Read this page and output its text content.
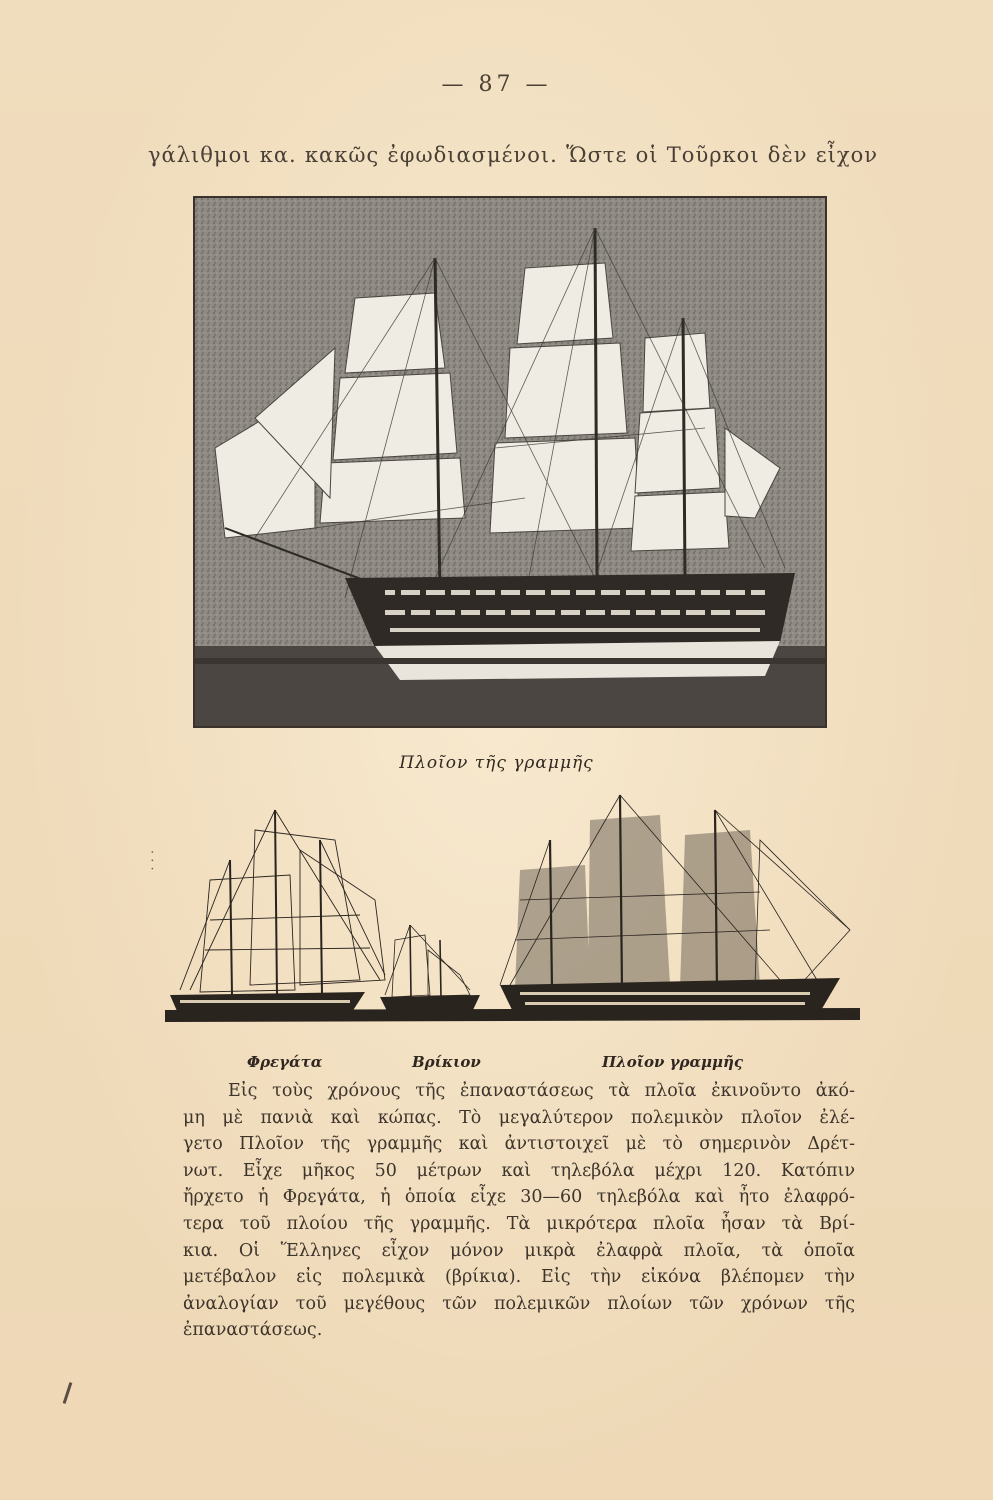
— 87 —
γάλιθμοι κα. κακῶς ἐφωδιασμένοι. Ὥστε οἱ Τοῦρκοι δὲν εἶχον
Πλοῖον τῆς γραμμῆς
Φρεγάτα	Βρίκιον	Πλοῖον γραμμῆς
· · ·
Εἰς τοὺς χρόνους τῆς ἐπαναστάσεως τὰ πλοῖα ἐκινοῦντο ἀκό-
μη μὲ πανιὰ καὶ κώπας. Τὸ μεγαλύτερον πολεμικὸν πλοῖον ἐλέ-
γετο Πλοῖον τῆς γραμμῆς καὶ ἀντιστοιχεῖ μὲ τὸ σημερινὸν Δρέτ-
νωτ. Εἶχε μῆκος 50 μέτρων καὶ τηλεβόλα μέχρι 120. Κατόπιν
ἤρχετο ἡ Φρεγάτα, ἡ ὁποία εἶχε 30—60 τηλεβόλα καὶ ἦτο ἐλαφρό-
τερα τοῦ πλοίου τῆς γραμμῆς. Τὰ μικρότερα πλοῖα ἦσαν τὰ Βρί-
κια. Οἱ Ἕλληνες εἶχον μόνον μικρὰ ἐλαφρὰ πλοῖα, τὰ ὁποῖα
μετέβαλον εἰς πολεμικὰ (βρίκια). Εἰς τὴν εἰκόνα βλέπομεν τὴν
ἀναλογίαν τοῦ μεγέθους τῶν πολεμικῶν πλοίων τῶν χρόνων τῆς
ἐπαναστάσεως.
